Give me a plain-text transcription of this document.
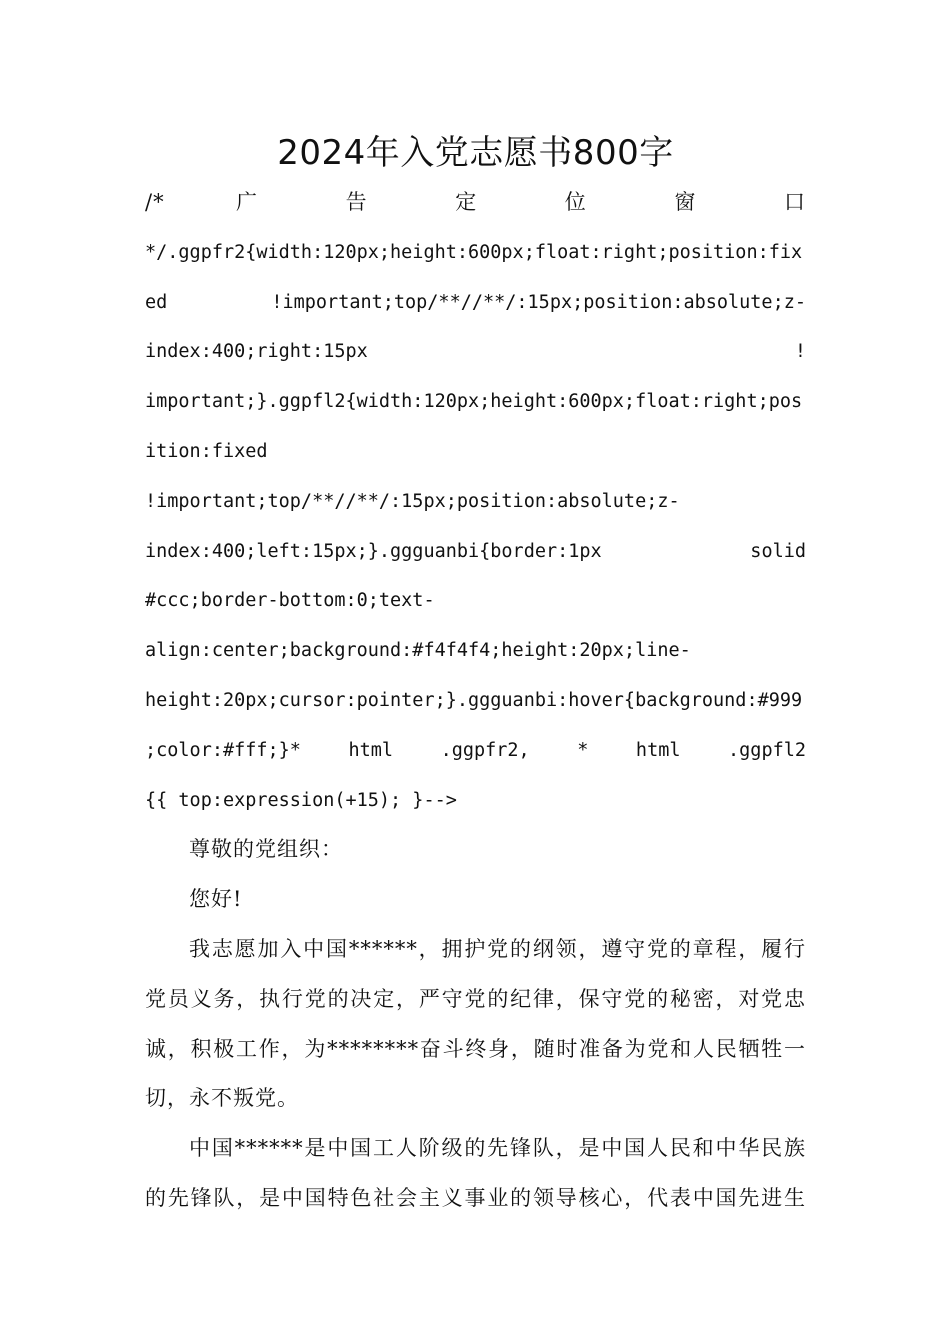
2024年入党志愿书800字
/*   广   告   定   位   窗   口
*/.ggpfr2{width:120px;height:600px;float:right;position:fix
ed !important;top/**//**/:15px;position:absolute;z-
index:400;right:15px !
important;}.ggpfl2{width:120px;height:600px;float:right;pos
ition:fixed
!important;top/**//**/:15px;position:absolute;z-
index:400;left:15px;}.ggguanbi{border:1px solid
#ccc;border-bottom:0;text-
align:center;background:#f4f4f4;height:20px;line-
height:20px;cursor:pointer;}.ggguanbi:hover{background:#999
;color:#fff;}* html .ggpfr2, * html .ggpfl2
{{ top:expression(+15); }-->
尊敬的党组织：
您好!
我志愿加入中国******，拥护党的纲领，遵守党的章程，履行
党员义务，执行党的决定，严守党的纪律，保守党的秘密，对党忠
诚，积极工作，为********奋斗终身，随时准备为党和人民牺牲一
切，永不叛党。
中国******是中国工人阶级的先锋队，是中国人民和中华民族
的先锋队，是中国特色社会主义事业的领导核心，代表中国先进生
